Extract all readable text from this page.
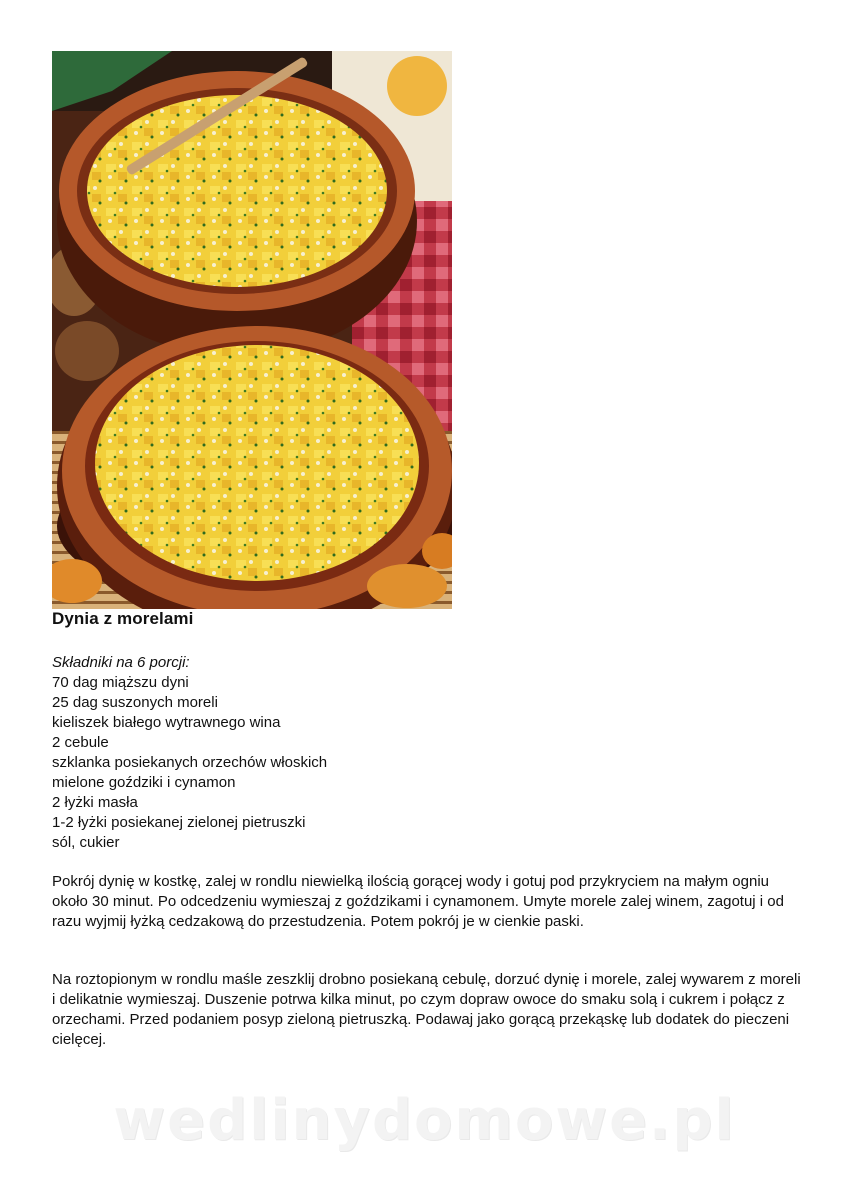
Dynia z morelami
Składniki na 6 porcji:
70 dag miąższu dyni
25 dag suszonych moreli
kieliszek białego wytrawnego wina
2 cebule
szklanka posiekanych orzechów włoskich
mielone goździki i cynamon
2 łyżki masła
1-2 łyżki posiekanej zielonej pietruszki
sól, cukier

Pokrój dynię w kostkę, zalej w rondlu niewielką ilością gorącej wody i gotuj pod przykryciem na małym ogniu około 30 minut. Po odcedzeniu wymieszaj z goździkami i cynamonem. Umyte morele zalej winem, zagotuj i od razu wyjmij łyżką cedzakową do przestudzenia. Potem pokrój je w cienkie paski.

Na roztopionym w rondlu maśle zeszklij drobno posiekaną cebulę, dorzuć dynię i morele, zalej wywarem z moreli i delikatnie wymieszaj. Duszenie potrwa kilka minut, po czym dopraw owoce do smaku solą i cukrem i połącz z orzechami. Przed podaniem posyp zieloną pietruszką. Podawaj jako gorącą przekąskę lub dodatek do pieczeni cielęcej.

wedlinydomowe.pl
